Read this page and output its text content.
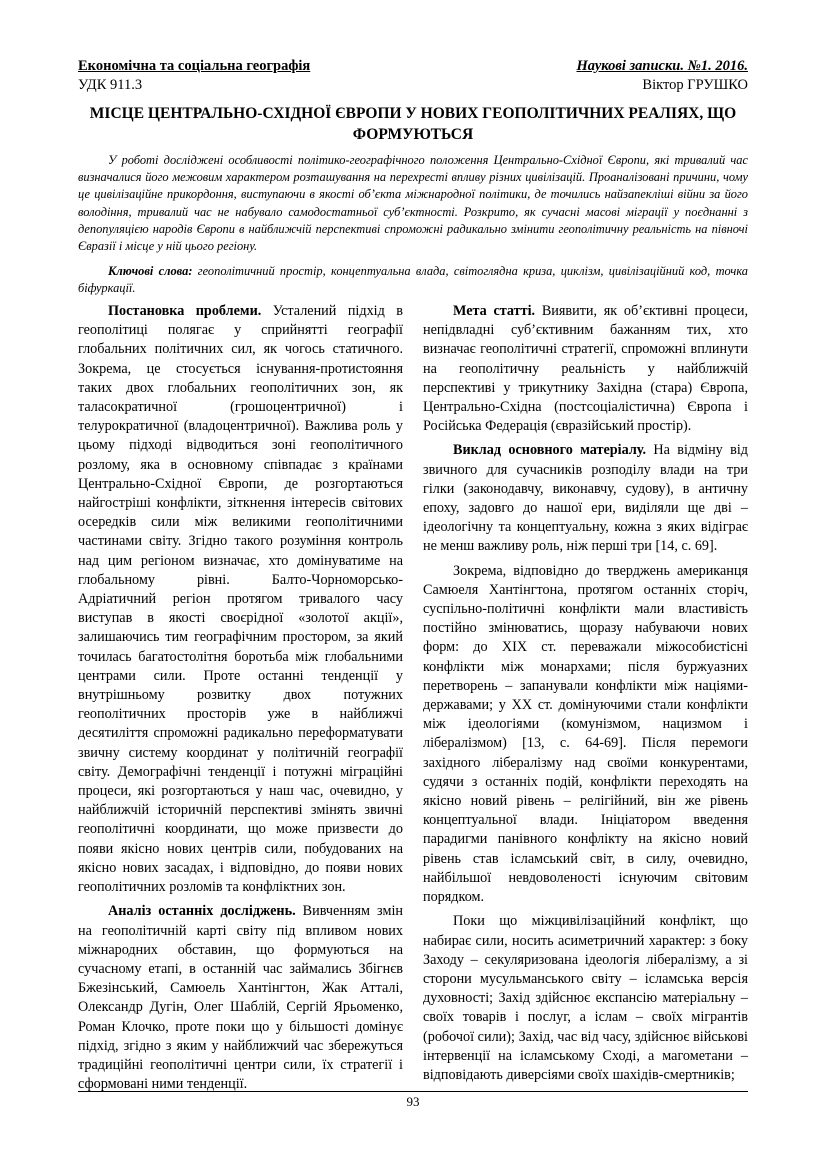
Економічна та соціальна географія	Наукові записки. №1. 2016.
УДК 911.3	Віктор ГРУШКО
МІСЦЕ ЦЕНТРАЛЬНО-СХІДНОЇ ЄВРОПИ У НОВИХ ГЕОПОЛІТИЧНИХ РЕАЛІЯХ, ЩО ФОРМУЮТЬСЯ

У роботі досліджені особливості політико-географічного положення Центрально-Східної Європи, які тривалий час визначалися його межовим характером розташування на перехресті впливу різних цивілізацій. Проаналізовані причини, чому це цивілізаційне прикордоння, виступаючи в якості об’єкта міжнародної політики, де точились найзапекліші війни за його володіння, тривалий час не набувало самодостатньої суб’єктності. Розкрито, як сучасні масові міграції у поєднанні з депопуляцією народів Європи в найближчій перспективі спроможні радикально змінити геополітичну реальність на півночі Євразії і місце у ній цього регіону.

Ключові слова: геополітичний простір, концептуальна влада, світоглядна криза, циклізм, цивілізаційний код, точка біфуркації.

Постановка проблеми. Усталений підхід в геополітиці полягає у сприйнятті географії глобальних політичних сил, як чогось статичного. Зокрема, це стосується існування-протистояння таких двох глобальних геополітичних зон, як таласократичної (грошоцентричної) і телурократичної (владоцентричної). Важлива роль у цьому підході відводиться зоні геополітичного розлому, яка в основному співпадає з країнами Центрально-Східної Європи, де розгортаються найгостріші конфлікти, зіткнення інтересів світових осередків сили між великими геополітичними частинами світу. Згідно такого розуміння контроль над цим регіоном визначає, хто домінуватиме на глобальному рівні. Балто-Чорноморсько-Адріатичний регіон протягом тривалого часу виступав в якості своєрідної «золотої акції», залишаючись тим географічним простором, за який точилась багатостолітня боротьба між глобальними центрами сили. Проте останні тенденції у внутрішньому розвитку двох потужних геополітичних просторів уже в найближчі десятиліття спроможні радикально переформатувати звичну систему координат у політичній географії світу. Демографічні тенденції і потужні міграційні процеси, які розгортаються у наш час, очевидно, у найближчій історичній перспективі змінять звичні геополітичні координати, що може призвести до появи якісно нових центрів сили, побудованих на якісно нових засадах, і відповідно, до появи нових геополітичних розломів та конфліктних зон.

Аналіз останніх досліджень. Вивченням змін на геополітичній карті світу під впливом нових міжнародних обставин, що формуються на сучасному етапі, в останній час займались Збігнєв Бжезінський, Самюель Хантінгтон, Жак Атталі, Олександр Дугін, Олег Шаблій, Сергій Ярьоменко, Роман Клочко, проте поки що у більшості домінує підхід, згідно з яким у найближчий час збережуться традиційні геополітичні центри сили, їх стратегії і сформовані ними тенденції.

Мета статті. Виявити, як об’єктивні процеси, непідвладні суб’єктивним бажанням тих, хто визначає геополітичні стратегії, спроможні вплинути на геополітичну реальність у найближчій перспективі у трикутнику Західна (стара) Європа, Центрально-Східна (постсоціалістична) Європа і Російська Федерація (євразійський простір).

Виклад основного матеріалу. На відміну від звичного для сучасників розподілу влади на три гілки (законодавчу, виконавчу, судову), в античну епоху, задовго до нашої ери, виділяли ще дві – ідеологічну та концептуальну, кожна з яких відіграє не менш важливу роль, ніж перші три [14, с. 69].

Зокрема, відповідно до тверджень американця Самюеля Хантінгтона, протягом останніх сторіч, суспільно-політичні конфлікти мали властивість постійно змінюватись, щоразу набуваючи нових форм: до XIX ст. переважали міжособистісні конфлікти між монархами; після буржуазних перетворень – запанували конфлікти між націями-державами; у XX ст. домінуючими стали конфлікти між ідеологіями (комунізмом, нацизмом і лібералізмом) [13, с. 64-69]. Після перемоги західного лібералізму над своїми конкурентами, судячи з останніх подій, конфлікти переходять на якісно новий рівень – релігійний, він же рівень концептуальної влади. Ініціатором введення парадигми панівного конфлікту на якісно новий рівень став ісламський світ, в силу, очевидно, найбільшої невдоволеності існуючим світовим порядком.

Поки що міжцивілізаційний конфлікт, що набирає сили, носить асиметричний характер: з боку Заходу – секуляризована ідеологія лібералізму, а зі сторони мусульманського світу – ісламська версія духовності; Захід здійснює експансію матеріальну – своїх товарів і послуг, а іслам – своїх мігрантів (робочої сили); Захід, час від часу, здійснює військові інтервенції на ісламському Сході, а магометани – відповідають диверсіями своїх шахідів-смертників;

93
